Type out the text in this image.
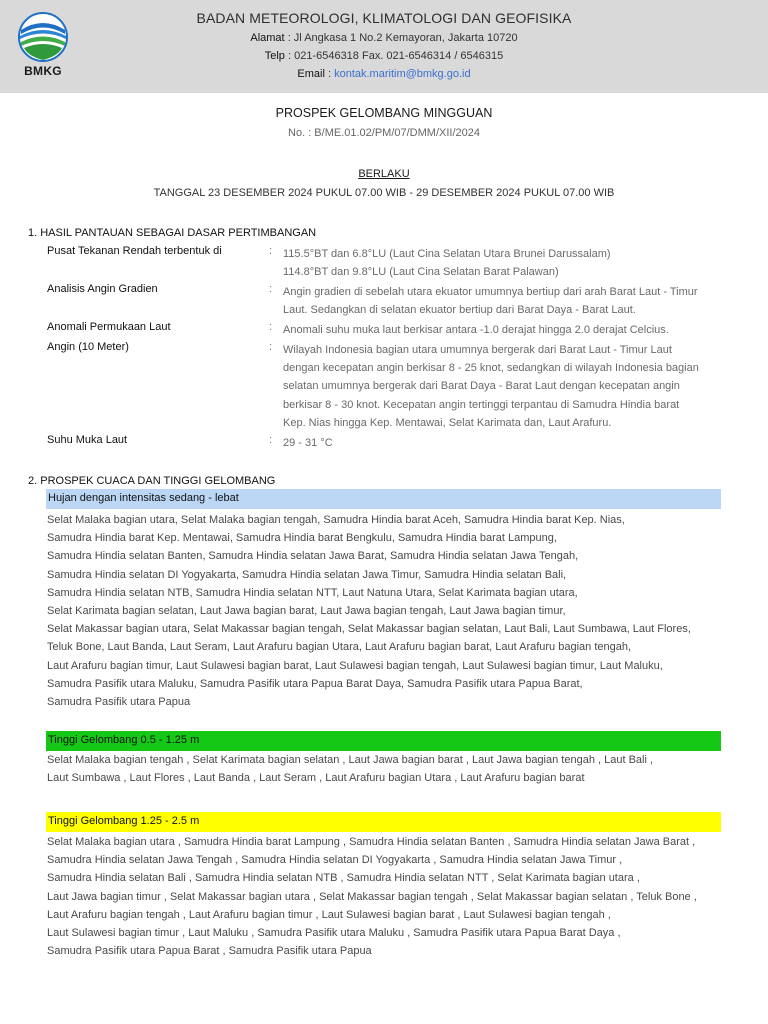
BMKG
BADAN METEOROLOGI, KLIMATOLOGI DAN GEOFISIKA
Alamat : Jl Angkasa 1 No.2 Kemayoran, Jakarta 10720
Telp : 021-6546318 Fax. 021-6546314 / 6546315
Email : kontak.maritim@bmkg.go.id
PROSPEK GELOMBANG MINGGUAN
No. : B/ME.01.02/PM/07/DMM/XII/2024
BERLAKU
TANGGAL 23 DESEMBER 2024 PUKUL 07.00 WIB - 29 DESEMBER 2024 PUKUL 07.00 WIB
1. HASIL PANTAUAN SEBAGAI DASAR PERTIMBANGAN
Pusat Tekanan Rendah terbentuk di	: 115.5°BT dan 6.8°LU (Laut Cina Selatan Utara Brunei Darussalam)
114.8°BT dan 9.8°LU (Laut Cina Selatan Barat Palawan)
Analisis Angin Gradien	: Angin gradien di sebelah utara ekuator umumnya bertiup dari arah Barat Laut - Timur
Laut. Sedangkan di selatan ekuator bertiup dari Barat Daya - Barat Laut.
Anomali Permukaan Laut	: Anomali suhu muka laut berkisar antara -1.0 derajat hingga 2.0 derajat Celcius.
Angin (10 Meter)	: Wilayah Indonesia bagian utara umumnya bergerak dari Barat Laut - Timur Laut
dengan kecepatan angin berkisar 8 - 25 knot, sedangkan di wilayah Indonesia bagian
selatan umumnya bergerak dari Barat Daya - Barat Laut dengan kecepatan angin
berkisar 8 - 30 knot. Kecepatan angin tertinggi terpantau di Samudra Hindia barat
Kep. Nias hingga Kep. Mentawai, Selat Karimata dan, Laut Arafuru.
Suhu Muka Laut	: 29 - 31 °C
2. PROSPEK CUACA DAN TINGGI GELOMBANG
Hujan dengan intensitas sedang - lebat
Selat Malaka bagian utara, Selat Malaka bagian tengah, Samudra Hindia barat Aceh, Samudra Hindia barat Kep. Nias,
Samudra Hindia barat Kep. Mentawai, Samudra Hindia barat Bengkulu, Samudra Hindia barat Lampung,
Samudra Hindia selatan Banten, Samudra Hindia selatan Jawa Barat, Samudra Hindia selatan Jawa Tengah,
Samudra Hindia selatan DI Yogyakarta, Samudra Hindia selatan Jawa Timur, Samudra Hindia selatan Bali,
Samudra Hindia selatan NTB, Samudra Hindia selatan NTT, Laut Natuna Utara, Selat Karimata bagian utara,
Selat Karimata bagian selatan, Laut Jawa bagian barat, Laut Jawa bagian tengah, Laut Jawa bagian timur,
Selat Makassar bagian utara, Selat Makassar bagian tengah, Selat Makassar bagian selatan, Laut Bali, Laut Sumbawa, Laut Flores,
Teluk Bone, Laut Banda, Laut Seram, Laut Arafuru bagian Utara, Laut Arafuru bagian barat, Laut Arafuru bagian tengah,
Laut Arafuru bagian timur, Laut Sulawesi bagian barat, Laut Sulawesi bagian tengah, Laut Sulawesi bagian timur, Laut Maluku,
Samudra Pasifik utara Maluku, Samudra Pasifik utara Papua Barat Daya, Samudra Pasifik utara Papua Barat,
Samudra Pasifik utara Papua
Tinggi Gelombang 0.5 - 1.25 m
Selat Malaka bagian tengah , Selat Karimata bagian selatan , Laut Jawa bagian barat , Laut Jawa bagian tengah , Laut Bali ,
Laut Sumbawa , Laut Flores , Laut Banda , Laut Seram , Laut Arafuru bagian Utara , Laut Arafuru bagian barat
Tinggi Gelombang 1.25 - 2.5 m
Selat Malaka bagian utara , Samudra Hindia barat Lampung , Samudra Hindia selatan Banten , Samudra Hindia selatan Jawa Barat ,
Samudra Hindia selatan Jawa Tengah , Samudra Hindia selatan DI Yogyakarta , Samudra Hindia selatan Jawa Timur ,
Samudra Hindia selatan Bali , Samudra Hindia selatan NTB , Samudra Hindia selatan NTT , Selat Karimata bagian utara ,
Laut Jawa bagian timur , Selat Makassar bagian utara , Selat Makassar bagian tengah , Selat Makassar bagian selatan , Teluk Bone ,
Laut Arafuru bagian tengah , Laut Arafuru bagian timur , Laut Sulawesi bagian barat , Laut Sulawesi bagian tengah ,
Laut Sulawesi bagian timur , Laut Maluku , Samudra Pasifik utara Maluku , Samudra Pasifik utara Papua Barat Daya ,
Samudra Pasifik utara Papua Barat , Samudra Pasifik utara Papua
